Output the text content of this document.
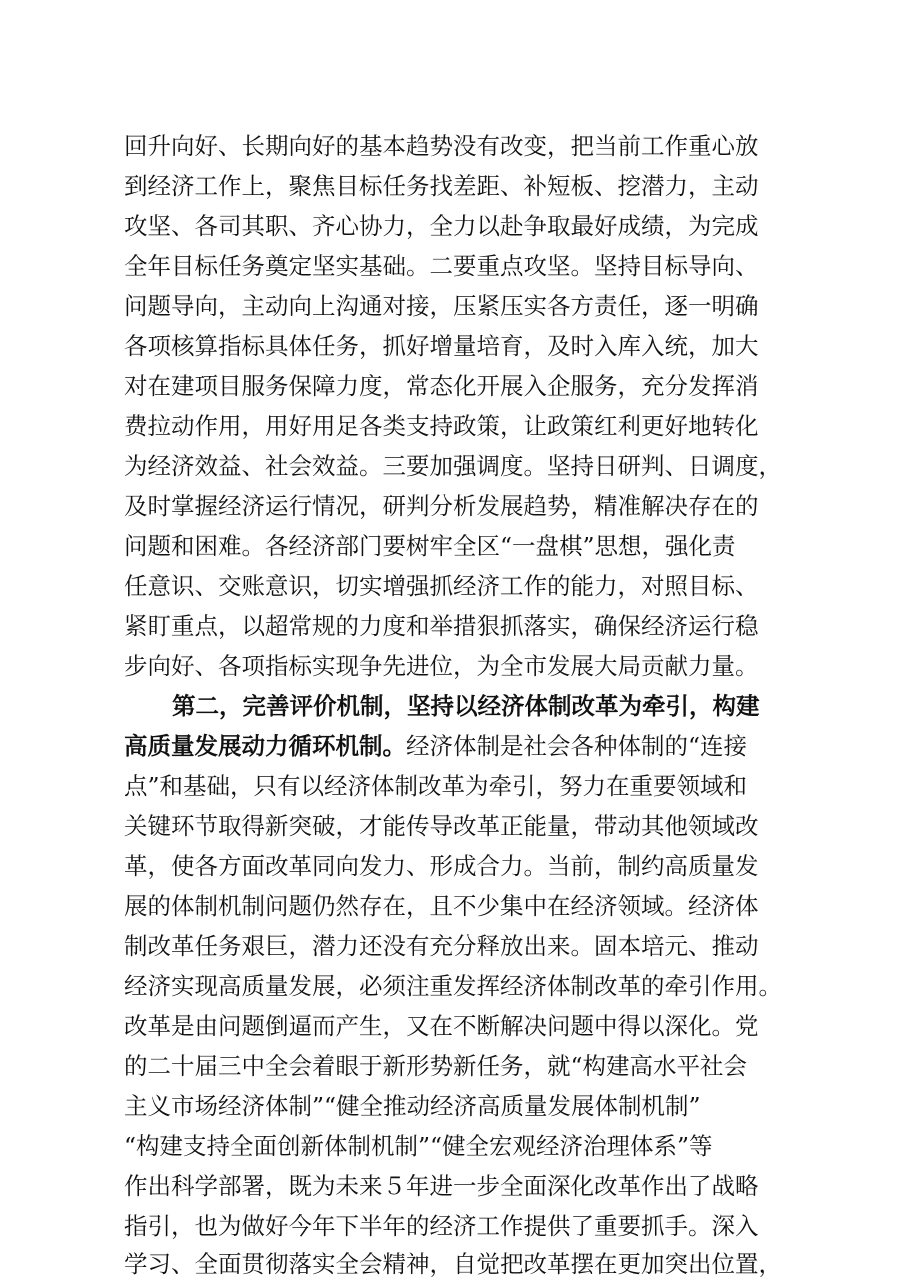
回升向好、长期向好的基本趋势没有改变，把当前工作重心放
到经济工作上，聚焦目标任务找差距、补短板、挖潜力，主动
攻坚、各司其职、齐心协力，全力以赴争取最好成绩，为完成
全年目标任务奠定坚实基础。二要重点攻坚。坚持目标导向、
问题导向，主动向上沟通对接，压紧压实各方责任，逐一明确
各项核算指标具体任务，抓好增量培育，及时入库入统，加大
对在建项目服务保障力度，常态化开展入企服务，充分发挥消
费拉动作用，用好用足各类支持政策，让政策红利更好地转化
为经济效益、社会效益。三要加强调度。坚持日研判、日调度，
及时掌握经济运行情况，研判分析发展趋势，精准解决存在的
问题和困难。各经济部门要树牢全区“一盘棋”思想，强化责
任意识、交账意识，切实增强抓经济工作的能力，对照目标、
紧盯重点，以超常规的力度和举措狠抓落实，确保经济运行稳
步向好、各项指标实现争先进位，为全市发展大局贡献力量。
第二，完善评价机制，坚持以经济体制改革为牵引，构建
高质量发展动力循环机制。经济体制是社会各种体制的“连接
点”和基础，只有以经济体制改革为牵引，努力在重要领域和
关键环节取得新突破，才能传导改革正能量，带动其他领域改
革，使各方面改革同向发力、形成合力。当前，制约高质量发
展的体制机制问题仍然存在，且不少集中在经济领域。经济体
制改革任务艰巨，潜力还没有充分释放出来。固本培元、推动
经济实现高质量发展，必须注重发挥经济体制改革的牵引作用。
改革是由问题倒逼而产生，又在不断解决问题中得以深化。党
的二十届三中全会着眼于新形势新任务，就“构建高水平社会
主义市场经济体制”“健全推动经济高质量发展体制机制”
“构建支持全面创新体制机制”“健全宏观经济治理体系”等
作出科学部署，既为未来５年进一步全面深化改革作出了战略
指引，也为做好今年下半年的经济工作提供了重要抓手。深入
学习、全面贯彻落实全会精神，自觉把改革摆在更加突出位置，
